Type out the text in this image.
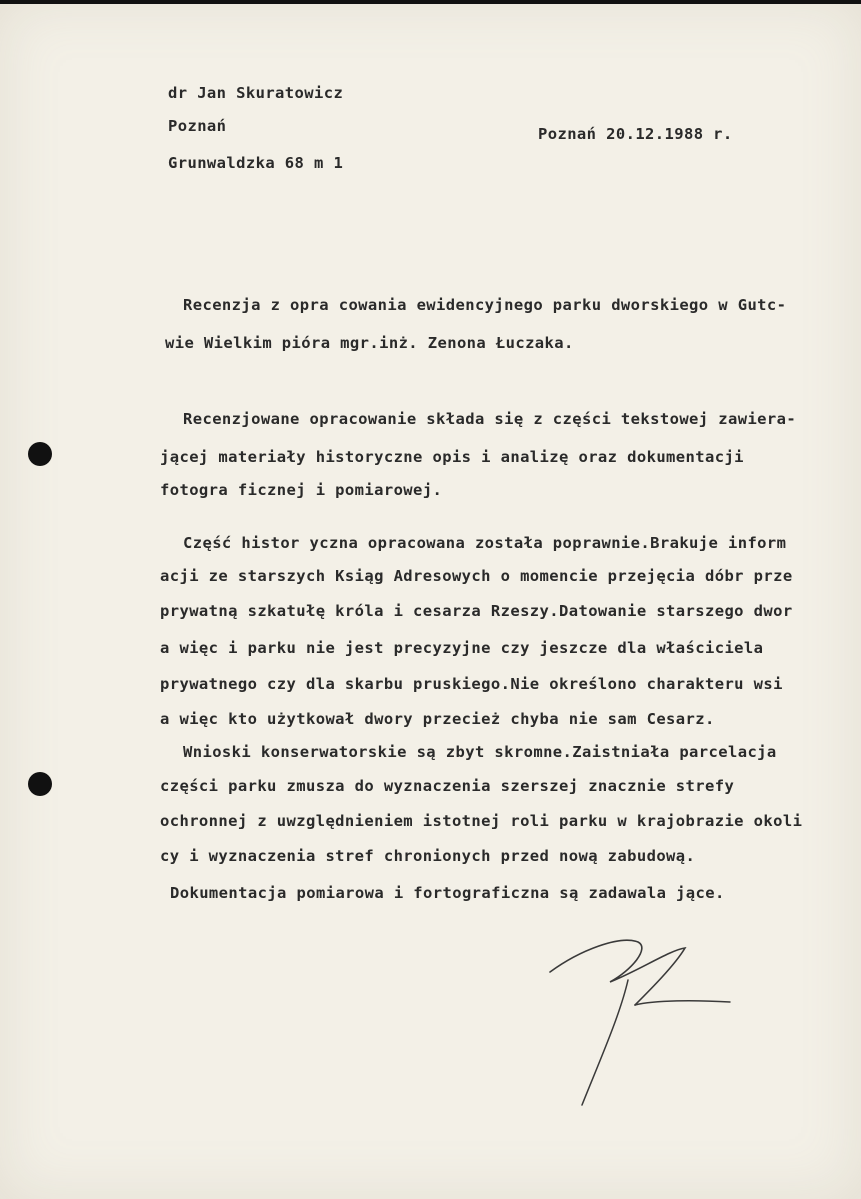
dr Jan Skuratowicz
Poznań
Grunwaldzka 68 m 1
Poznań 20.12.1988 r.
Recenzja z opra cowania ewidencyjnego parku dworskiego w Gutc-
wie Wielkim pióra mgr.inż. Zenona Łuczaka.
Recenzjowane opracowanie składa się z części tekstowej zawiera-
jącej materiały historyczne opis i analizę oraz dokumentacji
fotogra ficznej i pomiarowej.
Część histor yczna opracowana została poprawnie.Brakuje inform
acji ze starszych Ksiąg Adresowych o momencie przejęcia dóbr prze
prywatną szkatułę króla i cesarza Rzeszy.Datowanie starszego dwor
a więc i parku nie jest precyzyjne czy jeszcze dla właściciela
prywatnego czy dla skarbu pruskiego.Nie określono charakteru wsi
a więc kto użytkował dwory przecież chyba nie sam Cesarz.
Wnioski konserwatorskie są zbyt skromne.Zaistniała parcelacja
części parku zmusza do wyznaczenia szerszej znacznie strefy
ochronnej z uwzględnieniem istotnej roli parku w krajobrazie okoli
cy i wyznaczenia stref chronionych przed nową zabudową.
Dokumentacja pomiarowa i fortograficzna są zadawala jące.
